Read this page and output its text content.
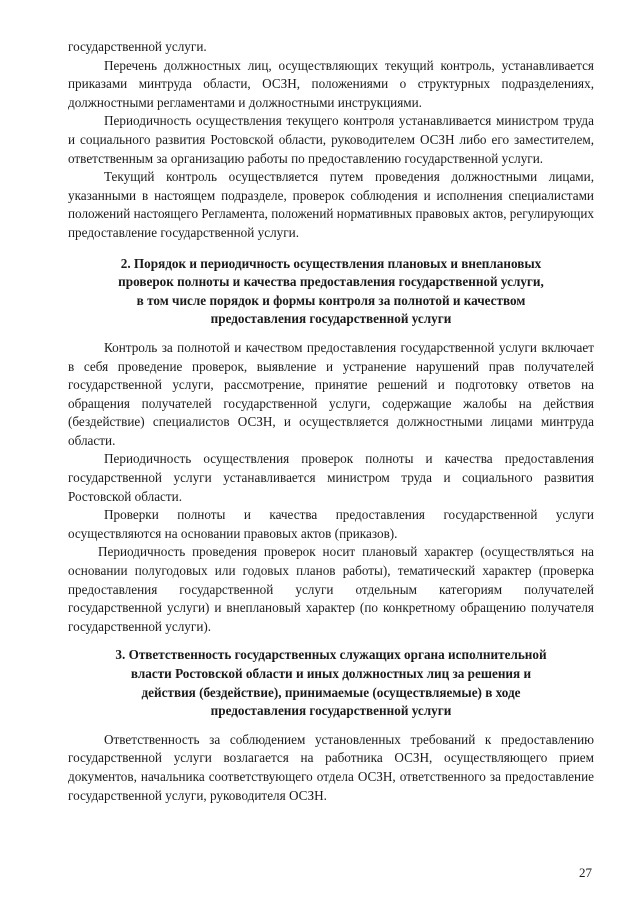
государственной услуги.

Перечень должностных лиц, осуществляющих текущий контроль, устанавливается приказами минтруда области, ОСЗН, положениями о структурных подразделениях, должностными регламентами и должностными инструкциями.

Периодичность осуществления текущего контроля устанавливается министром труда и социального развития Ростовской области, руководителем ОСЗН либо его заместителем, ответственным за организацию работы по предоставлению государственной услуги.

Текущий контроль осуществляется путем проведения должностными лицами, указанными в настоящем подразделе, проверок соблюдения и исполнения специалистами положений настоящего Регламента, положений нормативных правовых актов, регулирующих предоставление государственной услуги.

2. Порядок и периодичность осуществления плановых и внеплановых
проверок полноты и качества предоставления государственной услуги,
в том числе порядок и формы контроля за полнотой и качеством
предоставления государственной услуги

Контроль за полнотой и качеством предоставления государственной услуги включает в себя проведение проверок, выявление и устранение нарушений прав получателей государственной услуги, рассмотрение, принятие решений и подготовку ответов на обращения получателей государственной услуги, содержащие жалобы на действия (бездействие) специалистов ОСЗН, и осуществляется должностными лицами минтруда области.

Периодичность осуществления проверок полноты и качества предоставления государственной услуги устанавливается министром труда и социального развития Ростовской области.

Проверки полноты и качества предоставления государственной услуги осуществляются на основании правовых актов (приказов).

Периодичность проведения проверок носит плановый характер (осуществляться на основании полугодовых или годовых планов работы), тематический характер (проверка предоставления государственной услуги отдельным категориям получателей государственной услуги) и внеплановый характер (по конкретному обращению получателя государственной услуги).

3. Ответственность государственных служащих органа исполнительной
власти Ростовской области и иных должностных лиц за решения и
действия (бездействие), принимаемые (осуществляемые) в ходе
предоставления государственной услуги

Ответственность за соблюдением установленных требований к предоставлению государственной услуги возлагается на работника ОСЗН, осуществляющего прием документов, начальника соответствующего отдела ОСЗН, ответственного за предоставление государственной услуги, руководителя ОСЗН.

27
